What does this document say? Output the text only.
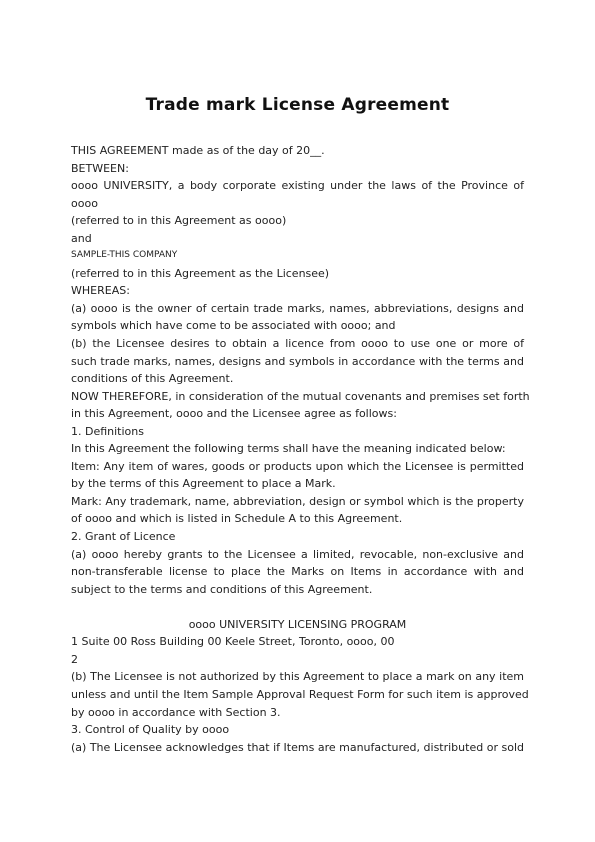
Trade mark License Agreement
THIS AGREEMENT made as of the day of 20__.
BETWEEN:
oooo UNIVERSITY, a body corporate existing under the laws of the Province of
oooo
(referred to in this Agreement as oooo)
and
SAMPLE-THIS COMPANY
(referred to in this Agreement as the Licensee)
WHEREAS:
(a) oooo is the owner of certain trade marks, names, abbreviations, designs and
symbols which have come to be associated with oooo; and
(b) the Licensee desires to obtain a licence from oooo to use one or more of
such trade marks, names, designs and symbols in accordance with the terms and
conditions of this Agreement.
NOW THEREFORE, in consideration of the mutual covenants and premises set forth
in this Agreement, oooo and the Licensee agree as follows:
1. Definitions
In this Agreement the following terms shall have the meaning indicated below:
Item: Any item of wares, goods or products upon which the Licensee is permitted
by the terms of this Agreement to place a Mark.
Mark: Any trademark, name, abbreviation, design or symbol which is the property
of oooo and which is listed in Schedule A to this Agreement.
2. Grant of Licence
(a) oooo hereby grants to the Licensee a limited, revocable, non-exclusive and
non-transferable license to place the Marks on Items in accordance with and
subject to the terms and conditions of this Agreement.
oooo UNIVERSITY LICENSING PROGRAM
1 Suite 00 Ross Building 00 Keele Street, Toronto, oooo, 00
2
(b) The Licensee is not authorized by this Agreement to place a mark on any item
unless and until the Item Sample Approval Request Form for such item is approved
by oooo in accordance with Section 3.
3. Control of Quality by oooo
(a) The Licensee acknowledges that if Items are manufactured, distributed or sold
